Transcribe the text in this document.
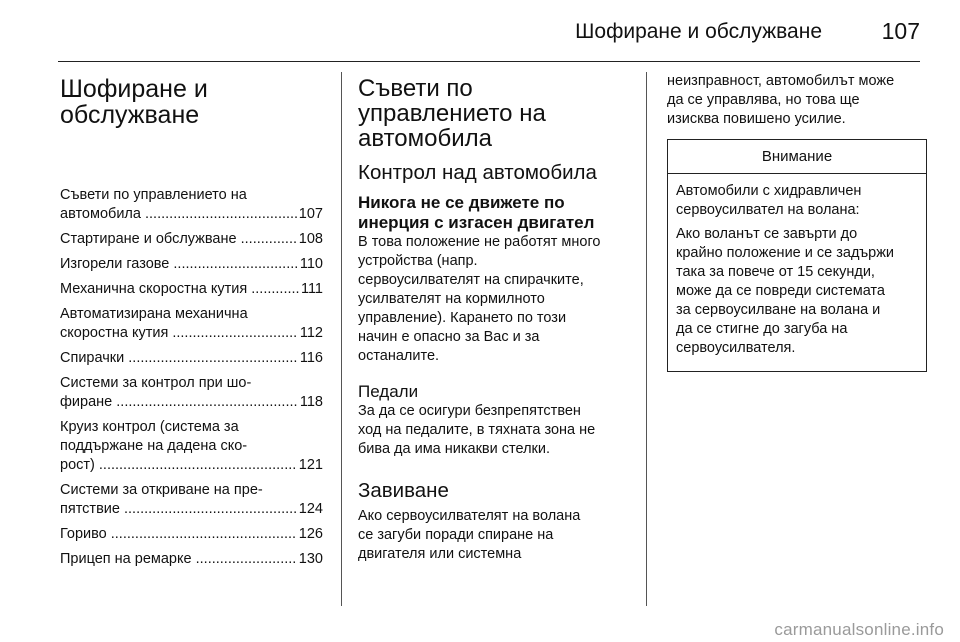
Шофиране и обслужване	107
Шофиране и
обслужване
Съвети по управлението на
автомобила .....	107
Стартиране и обслужване .....	108
Изгорели газове .....	110
Механична скоростна кутия .....	111
Автоматизирана механична
скоростна кутия .....	112
Спирачки .....	116
Системи за контрол при шо-
фиране .....	118
Круиз контрол (система за
поддържане на дадена ско-
рост) .....	121
Системи за откриване на пре-
пятствие .....	124
Гориво .....	126
Прицеп на ремарке .....	130
Съвети по
управлението на
автомобила
Контрол над автомобила
Никога не се движете по
инерция с изгасен двигател

В това положение не работят много
устройства (напр.
сервоусилвателят на спирачките,
усилвателят на кормилното
управление). Карането по този
начин е опасно за Вас и за
останалите.

Педали

За да се осигури безпрепятствен
ход на педалите, в тяхната зона не
бива да има никакви стелки.

Завиване

Ако сервоусилвателят на волана
се загуби поради спиране на
двигателя или системна

неизправност, автомобилът може
да се управлява, но това ще
изисква повишено усилие.

Внимание

Автомобили с хидравличен
сервоусилвател на волана:

Ако воланът се завърти до
крайно положение и се задържи
така за повече от 15 секунди,
може да се повреди системата
за сервоусилване на волана и
да се стигне до загуба на
сервоусилвателя.

carmanualsonline.info
